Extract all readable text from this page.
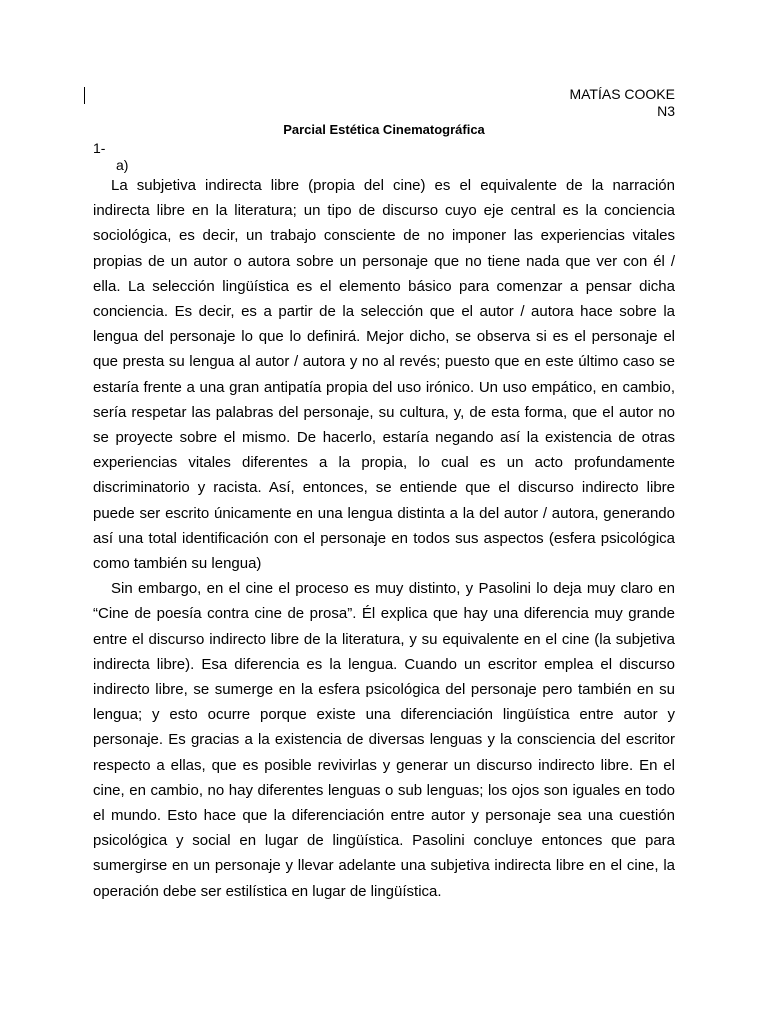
MATÍAS COOKE
N3
Parcial Estética Cinematográfica
1-
a)

La subjetiva indirecta libre (propia del cine) es el equivalente de la narración indirecta libre en la literatura; un tipo de discurso cuyo eje central es la conciencia sociológica, es decir, un trabajo consciente de no imponer las experiencias vitales propias de un autor o autora sobre un personaje que no tiene nada que ver con él / ella. La selección lingüística es el elemento básico para comenzar a pensar dicha conciencia. Es decir, es a partir de la selección que el autor / autora hace sobre la lengua del personaje lo que lo definirá. Mejor dicho, se observa si es el personaje el que presta su lengua al autor / autora y no al revés; puesto que en este último caso se estaría frente a una gran antipatía propia del uso irónico. Un uso empático, en cambio, sería respetar las palabras del personaje, su cultura, y, de esta forma, que el autor no se proyecte sobre el mismo. De hacerlo, estaría negando así la existencia de otras experiencias vitales diferentes a la propia, lo cual es un acto profundamente discriminatorio y racista. Así, entonces, se entiende que el discurso indirecto libre puede ser escrito únicamente en una lengua distinta a la del autor / autora, generando así una total identificación con el personaje en todos sus aspectos (esfera psicológica como también su lengua)

Sin embargo, en el cine el proceso es muy distinto, y Pasolini lo deja muy claro en “Cine de poesía contra cine de prosa”. Él explica que hay una diferencia muy grande entre el discurso indirecto libre de la literatura, y su equivalente en el cine (la subjetiva indirecta libre). Esa diferencia es la lengua. Cuando un escritor emplea el discurso indirecto libre, se sumerge en la esfera psicológica del personaje pero también en su lengua; y esto ocurre porque existe una diferenciación lingüística entre autor y personaje. Es gracias a la existencia de diversas lenguas y la consciencia del escritor respecto a ellas, que es posible revivirlas y generar un discurso indirecto libre. En el cine, en cambio, no hay diferentes lenguas o sub lenguas; los ojos son iguales en todo el mundo. Esto hace que la diferenciación entre autor y personaje sea una cuestión psicológica y social en lugar de lingüística. Pasolini concluye entonces que para sumergirse en un personaje y llevar adelante una subjetiva indirecta libre en el cine, la operación debe ser estilística en lugar de lingüística.
